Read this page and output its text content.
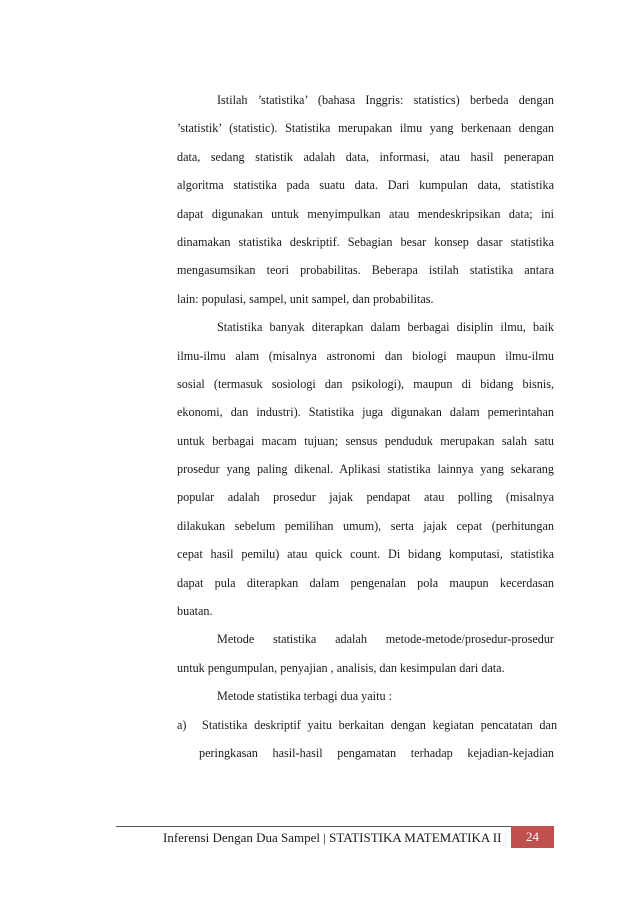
Istilah ’statistika’ (bahasa Inggris: statistics) berbeda dengan
’statistik’ (statistic). Statistika merupakan ilmu yang berkenaan dengan
data, sedang statistik adalah data, informasi, atau hasil penerapan
algoritma statistika pada suatu data. Dari kumpulan data, statistika
dapat digunakan untuk menyimpulkan atau mendeskripsikan data; ini
dinamakan statistika deskriptif. Sebagian besar konsep dasar statistika
mengasumsikan teori probabilitas. Beberapa istilah statistika antara
lain: populasi, sampel, unit sampel, dan probabilitas.
Statistika banyak diterapkan dalam berbagai disiplin ilmu, baik
ilmu-ilmu alam (misalnya astronomi dan biologi maupun ilmu-ilmu
sosial (termasuk sosiologi dan psikologi), maupun di bidang bisnis,
ekonomi, dan industri). Statistika juga digunakan dalam pemerintahan
untuk berbagai macam tujuan; sensus penduduk merupakan salah satu
prosedur yang paling dikenal. Aplikasi statistika lainnya yang sekarang
popular adalah prosedur jajak pendapat atau polling (misalnya
dilakukan sebelum pemilihan umum), serta jajak cepat (perhitungan
cepat hasil pemilu) atau quick count. Di bidang komputasi, statistika
dapat pula diterapkan dalam pengenalan pola maupun kecerdasan
buatan.
Metode statistika adalah metode-metode/prosedur-prosedur
untuk pengumpulan, penyajian , analisis, dan kesimpulan dari data.
Metode statistika terbagi dua yaitu :
a) Statistika deskriptif yaitu berkaitan dengan kegiatan pencatatan dan
peringkasan hasil-hasil pengamatan terhadap kejadian-kejadian
Inferensi Dengan Dua Sampel | STATISTIKA MATEMATIKA II	24
